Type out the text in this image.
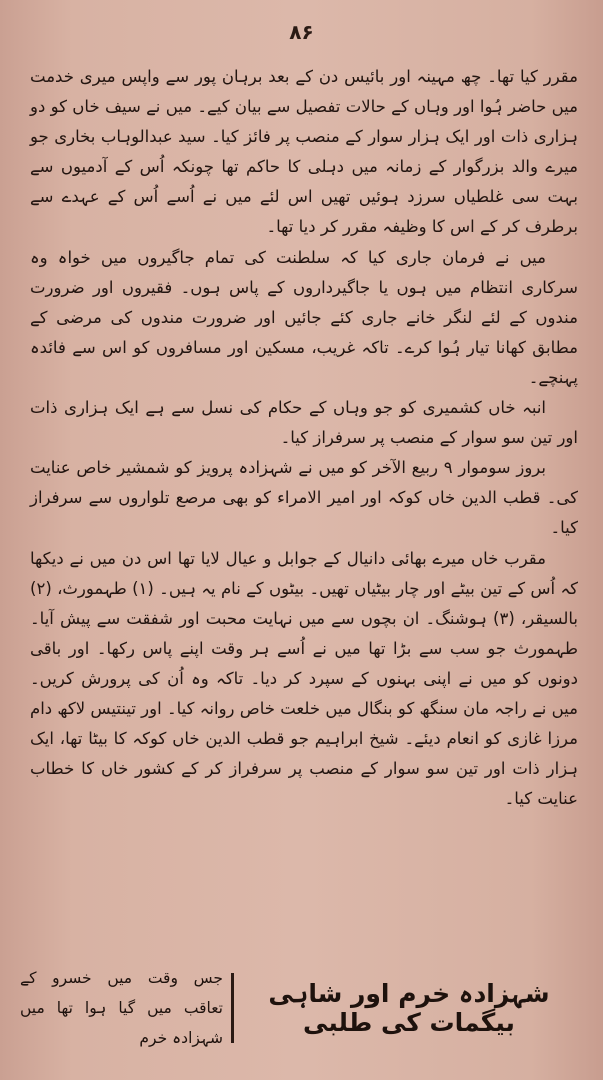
۸۶

مقرر کیا تھا۔ چھ مہینہ اور بائیس دن کے بعد برہان پور سے واپس میری خدمت میں حاضر ہُوا اور وہاں کے حالات تفصیل سے بیان کیے۔ میں نے سیف خاں کو دو ہزاری ذات اور ایک ہزار سوار کے منصب پر فائز کیا۔ سید عبدالوہاب بخاری جو میرے والد بزرگوار کے زمانہ میں دہلی کا حاکم تھا چونکہ اُس کے آدمیوں سے بہت سی غلطیاں سرزد ہوئیں تھیں اس لئے میں نے اُسے اُس کے عہدے سے برطرف کر کے اس کا وظیفہ مقرر کر دیا تھا۔

میں نے فرمان جاری کیا کہ سلطنت کی تمام جاگیروں میں خواہ وہ سرکاری انتظام میں ہوں یا جاگیرداروں کے پاس ہوں۔ فقیروں اور ضرورت مندوں کے لئے لنگر خانے جاری کئے جائیں اور ضرورت مندوں کی مرضی کے مطابق کھانا تیار ہُوا کرے۔ تاکہ غریب، مسکین اور مسافروں کو اس سے فائدہ پہنچے۔

انبہ خاں کشمیری کو جو وہاں کے حکام کی نسل سے ہے ایک ہزاری ذات اور تین سو سوار کے منصب پر سرفراز کیا۔

بروز سوموار ۹ ربیع الآخر کو میں نے شہزادہ پرویز کو شمشیر خاص عنایت کی۔ قطب الدین خاں کوکہ اور امیر الامراء کو بھی مرصع تلواروں سے سرفراز کیا۔

مقرب خاں میرے بھائی دانیال کے جوابل و عیال لایا تھا اس دن میں نے دیکھا کہ اُس کے تین بیٹے اور چار بیٹیاں تھیں۔ بیٹوں کے نام یہ ہیں۔ (۱) طہمورث، (۲) بالسیقر، (۳) ہوشنگ۔ ان بچوں سے میں نہایت محبت اور شفقت سے پیش آیا۔ طہمورث جو سب سے بڑا تھا میں نے اُسے ہر وقت اپنے پاس رکھا۔ اور باقی دونوں کو میں نے اپنی بہنوں کے سپرد کر دیا۔ تاکہ وہ اُن کی پرورش کریں۔ میں نے راجہ مان سنگھ کو بنگال میں خلعت خاص روانہ کیا۔ اور تینتیس لاکھ دام مرزا غازی کو انعام دیئے۔ شیخ ابراہیم جو قطب الدین خاں کوکہ کا بیٹا تھا، ایک ہزار ذات اور تین سو سوار کے منصب پر سرفراز کر کے کشور خاں کا خطاب عنایت کیا۔

شہزادہ خرم اور شاہی بیگمات کی طلبی
جس وقت میں خسرو کے تعاقب میں گیا ہوا تھا میں شہزادہ خرم
